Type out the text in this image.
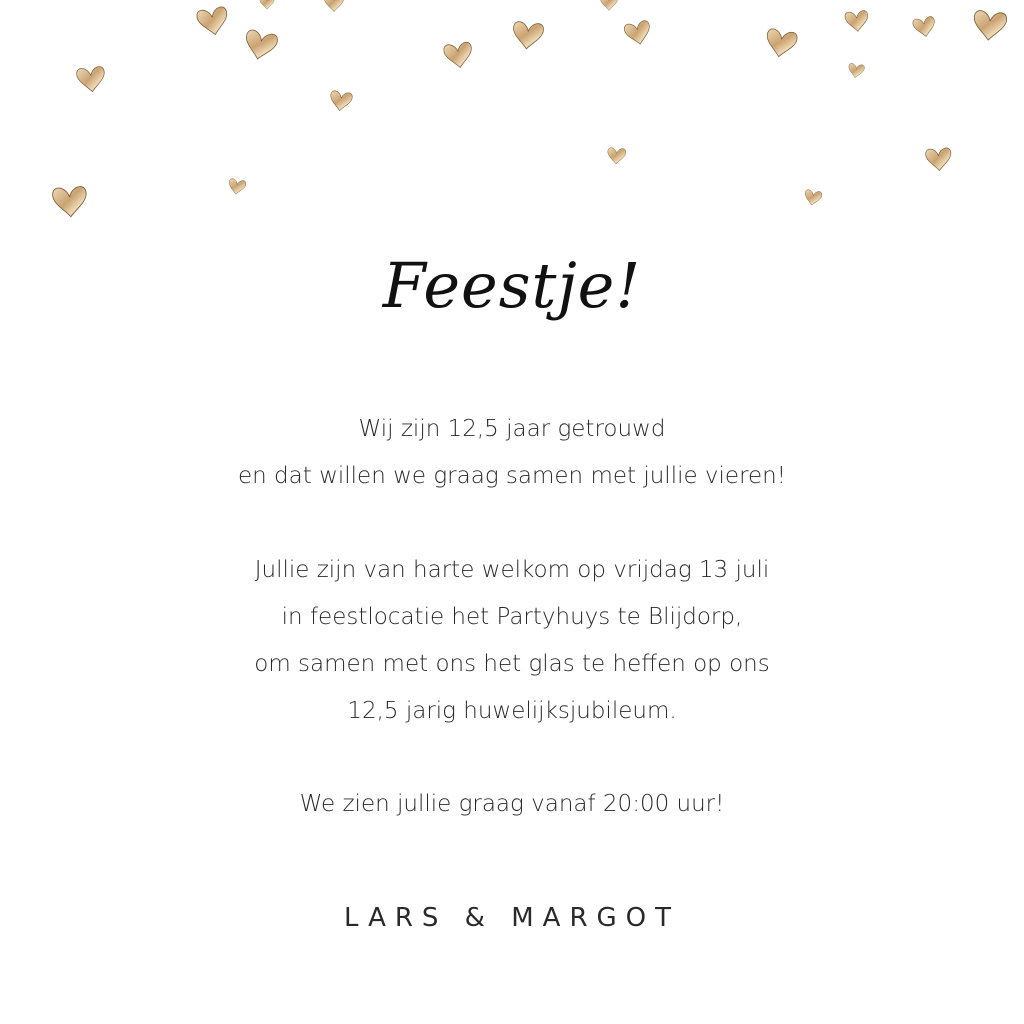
Feestje!
Wij zijn 12,5 jaar getrouwd
en dat willen we graag samen met jullie vieren!
Jullie zijn van harte welkom op vrijdag 13 juli
in feestlocatie het Partyhuys te Blijdorp,
om samen met ons het glas te heffen op ons
12,5 jarig huwelijksjubileum.
We zien jullie graag vanaf 20:00 uur!
LARS & MARGOT
